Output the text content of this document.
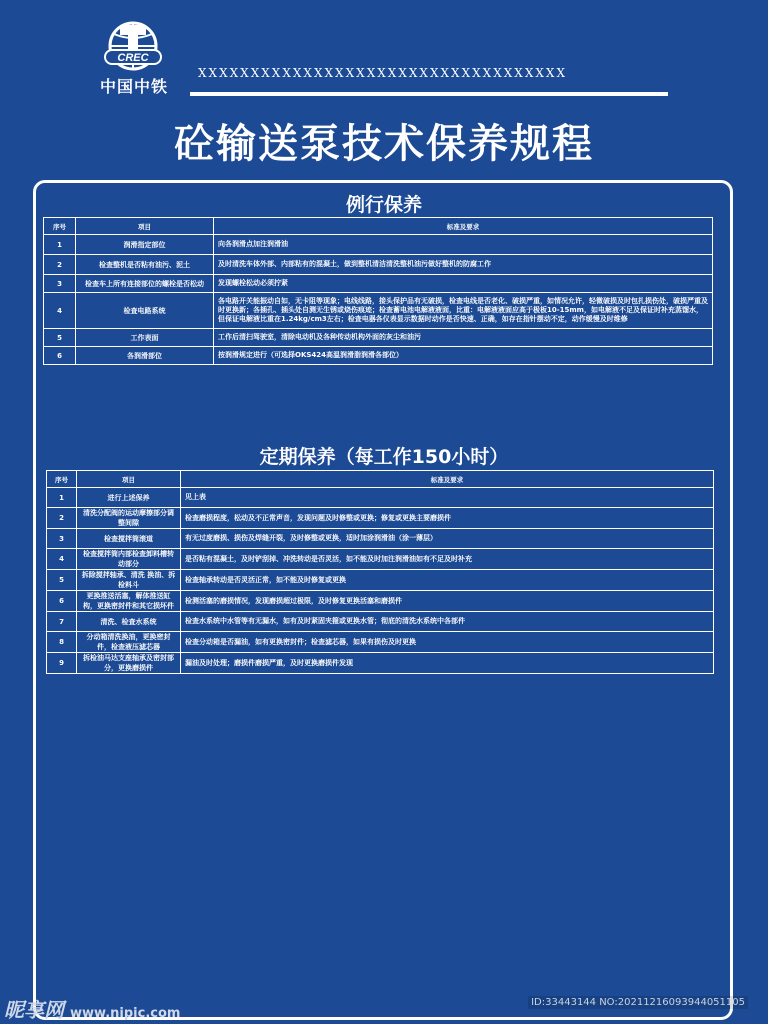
CREC
中国中铁
XXXXXXXXXXXXXXXXXXXXXXXXXXXXXXXXXXX
砼输送泵技术保养规程
例行保养
序号	项目	标准及要求
1	润滑指定部位	向各润滑点加注润滑油
2	检查整机是否粘有油污、泥土	及时清洗车体外部、内部粘有的混凝土，做到整机清洁清洗整机油污做好整机的防腐工作
3	检查车上所有连接部位的螺栓是否松动	发现螺栓松动必须拧紧
4	检查电路系统	各电路开关能振动自如，无卡阻等现象；电线线路，接头保护品有无破损，检查电线是否老化、破损严重，如情况允许，轻微破损及时包扎损伤处，破损严重及时更换新；各插孔、插头处自测无生锈或烧伤痕迹；检查蓄电池电解液液面，比重：电解液液面应高于极板10-15mm，如电解液不足及保证时补充蒸馏水，但保证电解液比重在1.24kg/cm3左右；检查电器各仪表显示数据时动作是否快速、正确，如存在指针摆动不定，动作缓慢及时维修
5	工作表面	工作后清扫驾驶室，清除电动机及各种传动机构外面的灰尘和油污
6	各润滑部位	按润滑规定进行（可选择OKS424高温润滑脂润滑各部位）
定期保养（每工作150小时）
序号	项目	标准及要求
1	进行上述保养	见上表
2	清洗分配阀的运动摩擦部分调整间隙	检查磨损程度，松动及不正常声音，发现问题及时修整或更换；修复或更换主要磨损件
3	检查搅拌筒滚道	有无过度磨损、损伤及焊缝开裂，及时修整或更换，适时加涂润滑油（涂一薄层）
4	检查搅拌筒内部检查卸料槽转动部分	是否粘有混凝土，及时铲刮掉、冲洗转动是否灵活，如不能及时加注润滑油如有不足及时补充
5	拆除搅拌轴承、清洗 换油、拆 检料斗	检查轴承转动是否灵活正常，如不能及时修复或更换
6	更换推送活塞，解体推送缸构，更换密封件和其它损坏件	检测活塞的磨损情况，发现磨损超过极限，及时修复更换活塞和磨损件
7	清洗、检查水系统	检查水系统中水管等有无漏水，如有及时紧固夹箍或更换水管；彻底的清洗水系统中各部件
8	分动箱清洗换油，更换密封件，检查液压滤芯器	检查分动箱是否漏油，如有更换密封件；检查滤芯器，如果有损伤及时更换
9	拆检油马达支座轴承及密封部分，更换磨损件	漏油及时处理；磨损件磨损严重，及时更换磨损件发现
昵享网 www.nipic.com
ID:33443144 NO:20211216093944051105
